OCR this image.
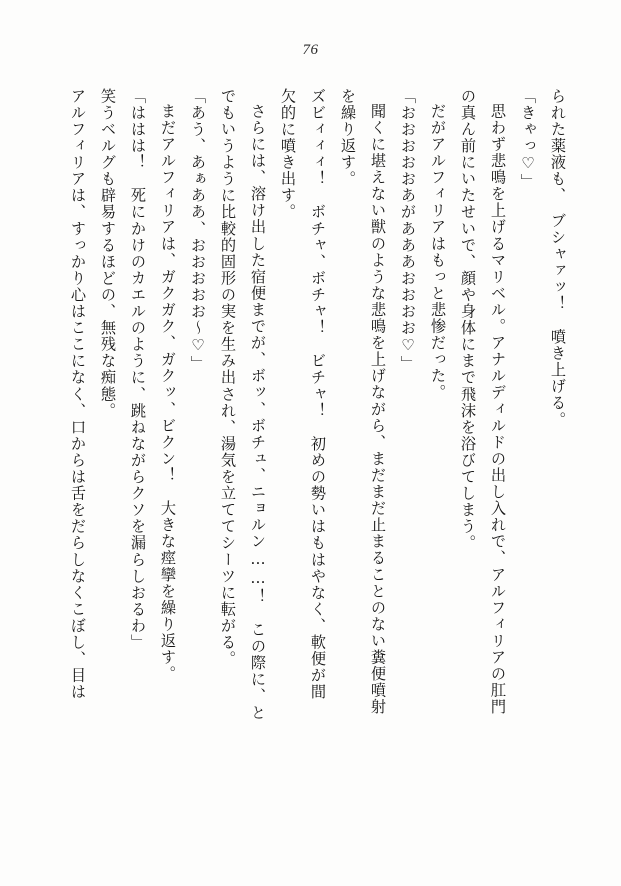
76
られた薬液も、　ブシャァッ！　噴き上げる。
「きゃっ♡」
思わず悲鳴を上げるマリベル。アナルディルドの出し入れで、アルフィリアの肛門
の真ん前にいたせいで、顔や身体にまで飛沫を浴びてしまう。
だがアルフィリアはもっと悲惨だった。
「おおおおおあがあああおおおお♡」
聞くに堪えない獣のような悲鳴を上げながら、まだまだ止まることのない糞便噴射
を繰り返す。
ズビィィィ！　ボチャ、ボチャ！　ビチャ！　初めの勢いはもはやなく、軟便が間
欠的に噴き出す。
さらには、溶け出した宿便までが、ボッ、ボチュ、ニョルン……！　この際に、と
でもいうように比較的固形の実を生み出され、湯気を立ててシーツに転がる。
「あう、あぁああ、おおおおお〜♡」
まだアルフィリアは、ガクガク、ガクッ、ビクン！　大きな痙攣を繰り返す。
「ははは！　死にかけのカエルのように、跳ねながらクソを漏らしおるわ」
笑うベルグも辟易するほどの、無残な痴態。
アルフィリアは、すっかり心はここになく、口からは舌をだらしなくこぼし、目は
